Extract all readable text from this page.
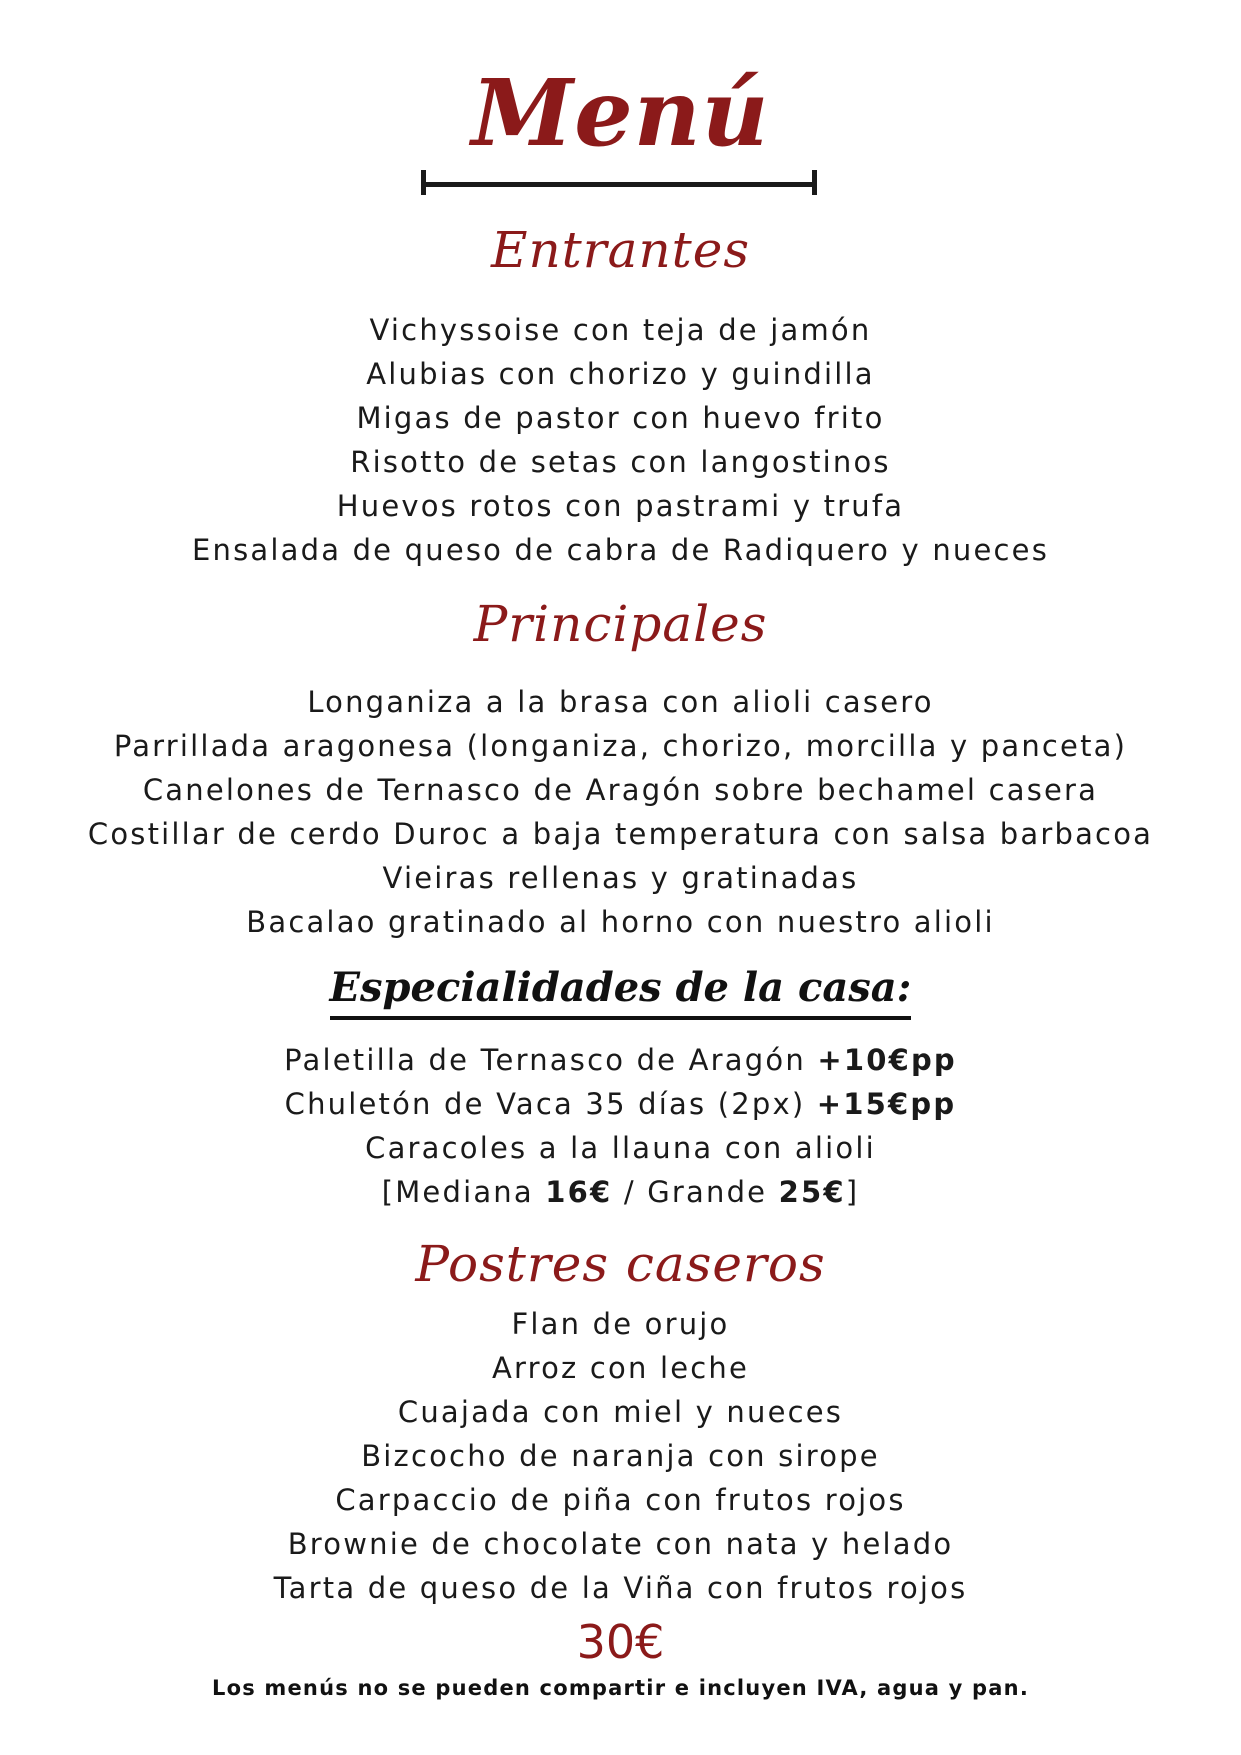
Menú
Entrantes
Vichyssoise con teja de jamón
Alubias con chorizo y guindilla
Migas de pastor con huevo frito
Risotto de setas con langostinos
Huevos rotos con pastrami y trufa
Ensalada de queso de cabra de Radiquero y nueces
Principales
Longaniza a la brasa con alioli casero
Parrillada aragonesa (longaniza, chorizo, morcilla y panceta)
Canelones de Ternasco de Aragón sobre bechamel casera
Costillar de cerdo Duroc a baja temperatura con salsa barbacoa
Vieiras rellenas y gratinadas
Bacalao gratinado al horno con nuestro alioli
Especialidades de la casa:
Paletilla de Ternasco de Aragón +10€pp
Chuletón de Vaca 35 días (2px) +15€pp
Caracoles a la llauna con alioli
[Mediana 16€ / Grande 25€]
Postres caseros
Flan de orujo
Arroz con leche
Cuajada con miel y nueces
Bizcocho de naranja con sirope
Carpaccio de piña con frutos rojos
Brownie de chocolate con nata y helado
Tarta de queso de la Viña con frutos rojos
30€
Los menús no se pueden compartir e incluyen IVA, agua y pan.
